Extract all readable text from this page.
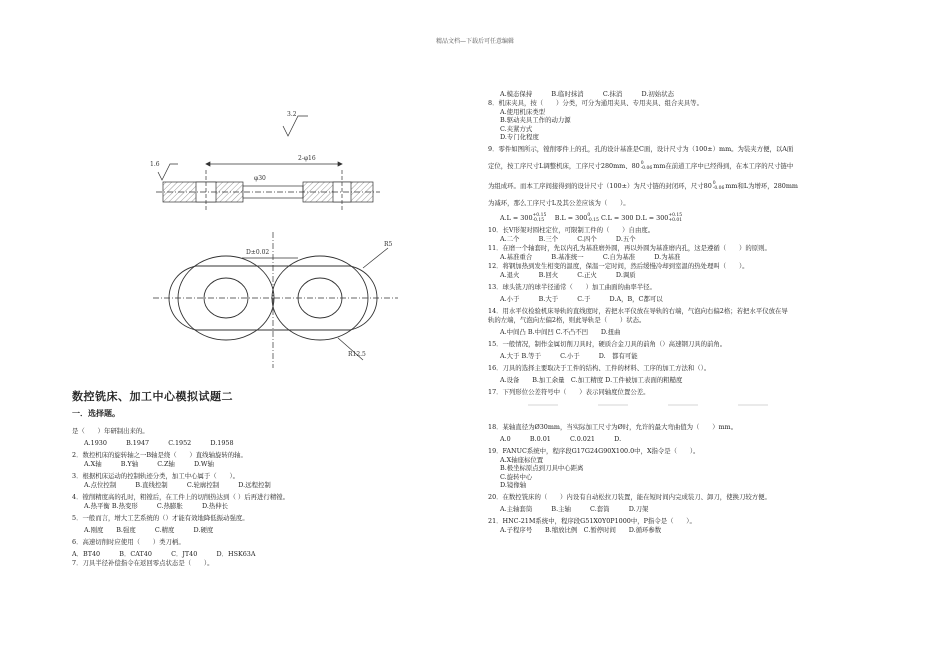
精品文档—下载后可任意编辑
3.2
2-φ16
1.6
φ30
D±0.02
R5
R12.5
数控铣床、加工中心模拟试题二
一．选择题。
是（　　）年研制出来的。
A.1930　　　B.1947　　　C.1952　　　D.1958
2．数控机床的旋转轴之一B轴是绕（　　）直线轴旋转的轴。
A.X轴　　　B.Y轴　　　C.Z轴　　　D.W轴
3．根据机床运动的控制轨迹分类，加工中心属于（　　）。
A.点位控制　　　B.直线控制　　　C.轮廓控制　　　D.远程控制
4．镗削精度高的孔时，粗镗后，在工件上的切削热达到（ ）后再进行精镗。
A.热平衡 B.热变形　　　C.热膨胀　　　D.热伸长
5．一般而言，增大工艺系统的（）才能有效地降低振动强度。
A.刚度　　B.强度　　　C.精度　　　D.硬度
6．高速切削时应使用（　　）类刀柄。
A．BT40　　　B．CAT40　　　C．JT40　　　D．HSK63A
7．刀具半径补偿指令在返回零点状态是（　　）。
A.模态保持　　　B.临时抹消　　　C.抹消　　　D.初始状态
8．机床夹具，按（　　）分类，可分为通用夹具、专用夹具、组合夹具等。
A.使用机床类型
B.驱动夹具工作的动力源
C.夹紧方式
D.专门化程度
9．零件如图所示，镗削零件上的孔，孔的设计基准是C面，设计尺寸为（100±）mm。为装夹方便，以A面
定位，按工序尺寸L调整机床，工序尺寸280mm、800
-0.06mm在前道工序中已经得到，在本工序的尺寸链中
为组成环。而本工序间接得到的设计尺寸（100±）为尺寸链的封闭环，尺寸800
-0.06mm和L为增环，280mm
为减环，那么工序尺寸L及其公差应该为（　　）。
A.L = 300+0.15
-0.15　 B.L = 3000
-0.15 C.L = 300 D.L = 300+0.15
+0.01
10．长V形架对圆柱定位，可限制工件的（　　）自由度。
A.二个　　　B.三个　　　C.四个　　　D.五个
11．在磨一个轴套时，先以内孔为基准磨外圆，再以外圆为基准磨内孔，这是遵循（　　）的原则。
A.基准重合　　　B.基准统一　　　C.自为基准　　　D.为基准
12．将钢加热到发生相变的温度，保温一定时间，然后缓慢冷却到室温的热处理叫（　　）。
A.退火　　　B.回火　　　C.正火　　　D.调质
13．球头铣刀的球半径通常（　　）加工曲面的曲率半径。
A.小于　　　B.大于　　　C.于　　　D.A，B，C都可以
14．用水平仪检验机床导轨的直线度时，若把水平仪放在导轨的右端，气泡向右偏2格；若把水平仪放在导
轨的左端，气泡向左偏2格，则此导轨是（　　）状态。
A.中间凸 B.中间凹 C.不凸不凹　　D.扭曲
15．一般情况，制作金属切削刀具时，硬质合金刀具的前角（）高速钢刀具的前角。
A.大于 B.等于　　　C.小于　　　D.　都有可能
16．刀具的选择主要取决于工件的结构、工件的材料、工序的加工方法和（）。
A.设备　　B.加工余量　C.加工精度 D.工件被加工表面的粗糙度
17．下列形位公差符号中（　　）表示同轴度位置公差。
18．某轴直径为Ø30mm，当实际加工尺寸为Ø时，允许的最大弯曲值为（　　）mm。
A.0　　　B.0.01　　　C.0.021　　　D.
19．FANUC系统中，程序段G17G24G90X100.0中，X指令是（　　）。
A.X轴座标位置
B.极坐标原点到刀具中心距离
C.旋转中心
D.镜像轴
20．在数控铣床的（　　）内设有自动松拉刀装置，能在短时间内完成装刀、卸刀，使换刀较方便。
A.主轴套筒　　　B.主轴　　　C.套筒　　　D.刀架
21．HNC-21M系统中，程序段G51X0Y0P1000中，P指令是（　　）。
A.子程序号　　B.缩放比例　C.暂停时间　　D.循环参数
